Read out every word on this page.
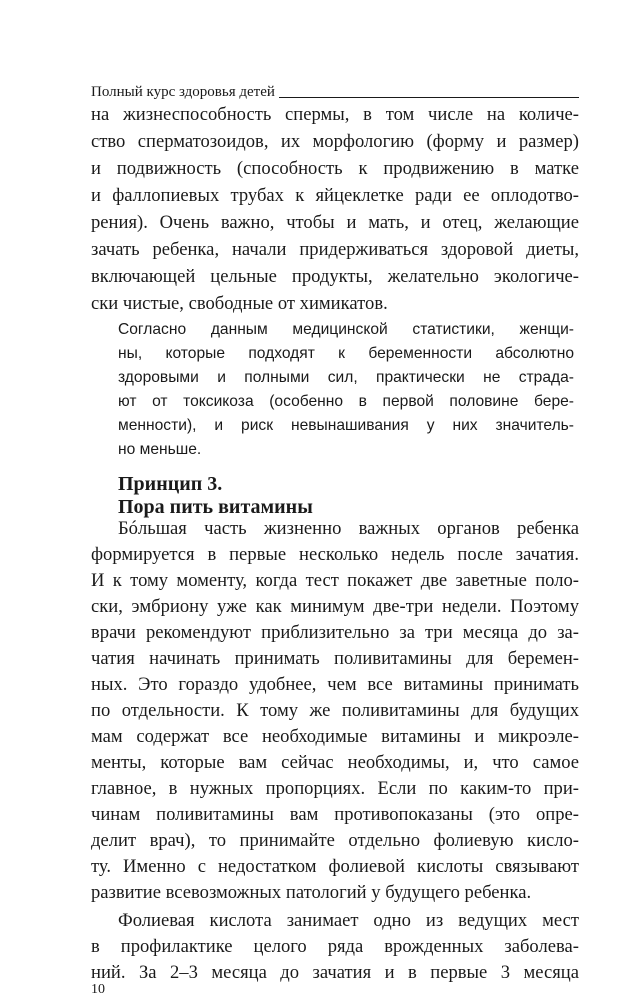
Полный курс здоровья детей
на жизнеспособность спермы, в том числе на количе-
ство сперматозоидов, их морфологию (форму и размер)
и подвижность (способность к продвижению в матке
и фаллопиевых трубах к яйцеклетке ради ее оплодотво-
рения). Очень важно, чтобы и мать, и отец, желающие
зачать ребенка, начали придерживаться здоровой диеты,
включающей цельные продукты, желательно экологиче-
ски чистые, свободные от химикатов.
Согласно данным медицинской статистики, женщи-
ны, которые подходят к беременности абсолютно
здоровыми и полными сил, практически не страда-
ют от токсикоза (особенно в первой половине бере-
менности), и риск невынашивания у них значитель-
но меньше.
Принцип 3.
Пора пить витамины
Бóльшая часть жизненно важных органов ребенка
формируется в первые несколько недель после зачатия.
И к тому моменту, когда тест покажет две заветные поло-
ски, эмбриону уже как минимум две-три недели. Поэтому
врачи рекомендуют приблизительно за три месяца до за-
чатия начинать принимать поливитамины для беремен-
ных. Это гораздо удобнее, чем все витамины принимать
по отдельности. К тому же поливитамины для будущих
мам содержат все необходимые витамины и микроэле-
менты, которые вам сейчас необходимы, и, что самое
главное, в нужных пропорциях. Если по каким-то при-
чинам поливитамины вам противопоказаны (это опре-
делит врач), то принимайте отдельно фолиевую кисло-
ту. Именно с недостатком фолиевой кислоты связывают
развитие всевозможных патологий у будущего ребенка.
Фолиевая кислота занимает одно из ведущих мест
в профилактике целого ряда врожденных заболева-
ний. За 2–3 месяца до зачатия и в первые 3 месяца
10
